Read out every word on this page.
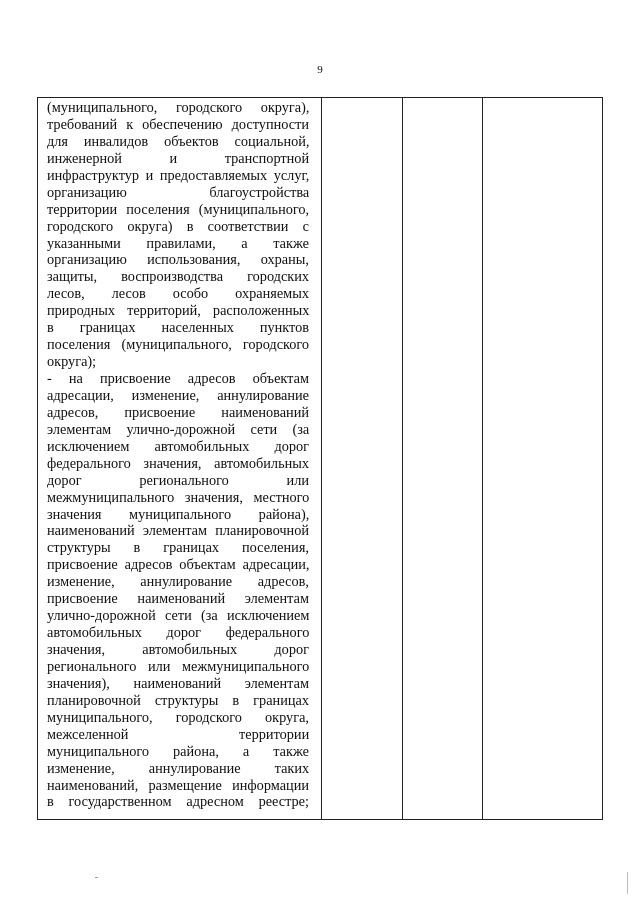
9
(муниципального, городского округа),
требований к обеспечению доступности
для инвалидов объектов социальной,
инженерной и транспортной
инфраструктур и предоставляемых услуг,
организацию благоустройства
территории поселения (муниципального,
городского округа) в соответствии с
указанными правилами, а также
организацию использования, охраны,
защиты, воспроизводства городских
лесов, лесов особо охраняемых
природных территорий, расположенных
в границах населенных пунктов
поселения (муниципального, городского
округа);
- на присвоение адресов объектам
адресации, изменение, аннулирование
адресов, присвоение наименований
элементам улично-дорожной сети (за
исключением автомобильных дорог
федерального значения, автомобильных
дорог регионального или
межмуниципального значения, местного
значения муниципального района),
наименований элементам планировочной
структуры в границах поселения,
присвоение адресов объектам адресации,
изменение, аннулирование адресов,
присвоение наименований элементам
улично-дорожной сети (за исключением
автомобильных дорог федерального
значения, автомобильных дорог
регионального или межмуниципального
значения), наименований элементам
планировочной структуры в границах
муниципального, городского округа,
межселенной территории
муниципального района, а также
изменение, аннулирование таких
наименований, размещение информации
в государственном адресном реестре;
